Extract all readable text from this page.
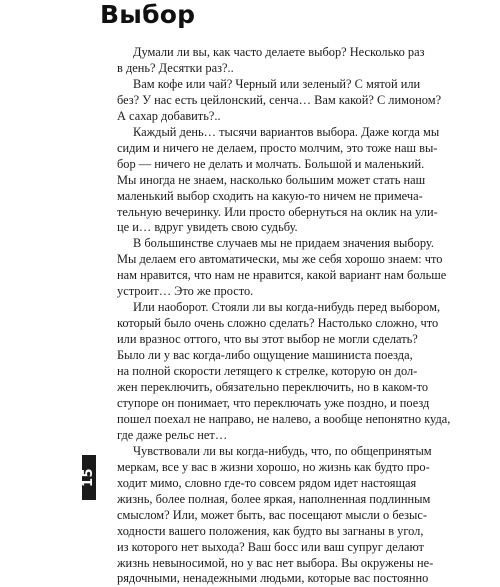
Выбор

Думали ли вы, как часто делаете выбор? Несколько раз
в день? Десятки раз?..

Вам кофе или чай? Черный или зеленый? С мятой или
без? У нас есть цейлонский, сенча… Вам какой? С лимоном?
А сахар добавить?..

Каждый день… тысячи вариантов выбора. Даже когда мы
сидим и ничего не делаем, просто молчим, это тоже наш вы-
бор — ничего не делать и молчать. Большой и маленький.
Мы иногда не знаем, насколько большим может стать наш
маленький выбор сходить на какую-то ничем не примеча-
тельную вечеринку. Или просто обернуться на оклик на ули-
це и… вдруг увидеть свою судьбу.

В большинстве случаев мы не придаем значения выбору.
Мы делаем его автоматически, мы же себя хорошо знаем: что
нам нравится, что нам не нравится, какой вариант нам больше
устроит… Это же просто.

Или наоборот. Стояли ли вы когда-нибудь перед выбором,
который было очень сложно сделать? Настолько сложно, что
или вразнос оттого, что вы этот выбор не могли сделать?
Было ли у вас когда-либо ощущение машиниста поезда,
на полной скорости летящего к стрелке, которую он дол-
жен переключить, обязательно переключить, но в каком-то
ступоре он понимает, что переключать уже поздно, и поезд
пошел поехал не направо, не налево, а вообще непонятно куда,
где даже рельс нет…

Чувствовали ли вы когда-нибудь, что, по общепринятым
меркам, все у вас в жизни хорошо, но жизнь как будто про-
ходит мимо, словно где-то совсем рядом идет настоящая
жизнь, более полная, более яркая, наполненная подлинным
смыслом? Или, может быть, вас посещают мысли о безыс-
ходности вашего положения, как будто вы загнаны в угол,
из которого нет выхода? Ваш босс или ваш супруг делают
жизнь невыносимой, но у вас нет выбора. Вы окружены не-
рядочными, ненадежными людьми, которые вас постоянно

15
